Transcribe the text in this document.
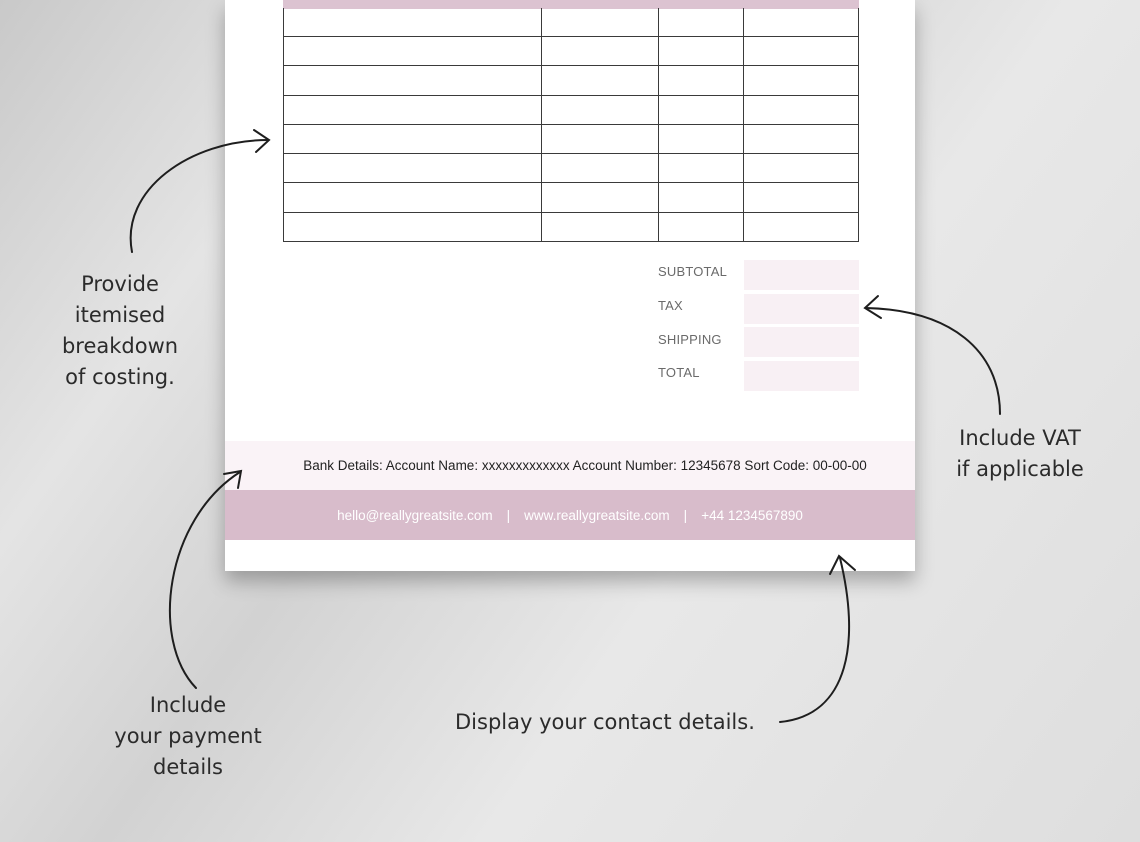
SUBTOTAL
TAX
SHIPPING
TOTAL
Bank Details: Account Name: xxxxxxxxxxxxx Account Number: 12345678 Sort Code: 00-00-00
hello@reallygreatsite.com | www.reallygreatsite.com | +44 1234567890
Provide
itemised
breakdown
of costing.
Include VAT
if applicable
Include
your payment
details
Display your contact details.
